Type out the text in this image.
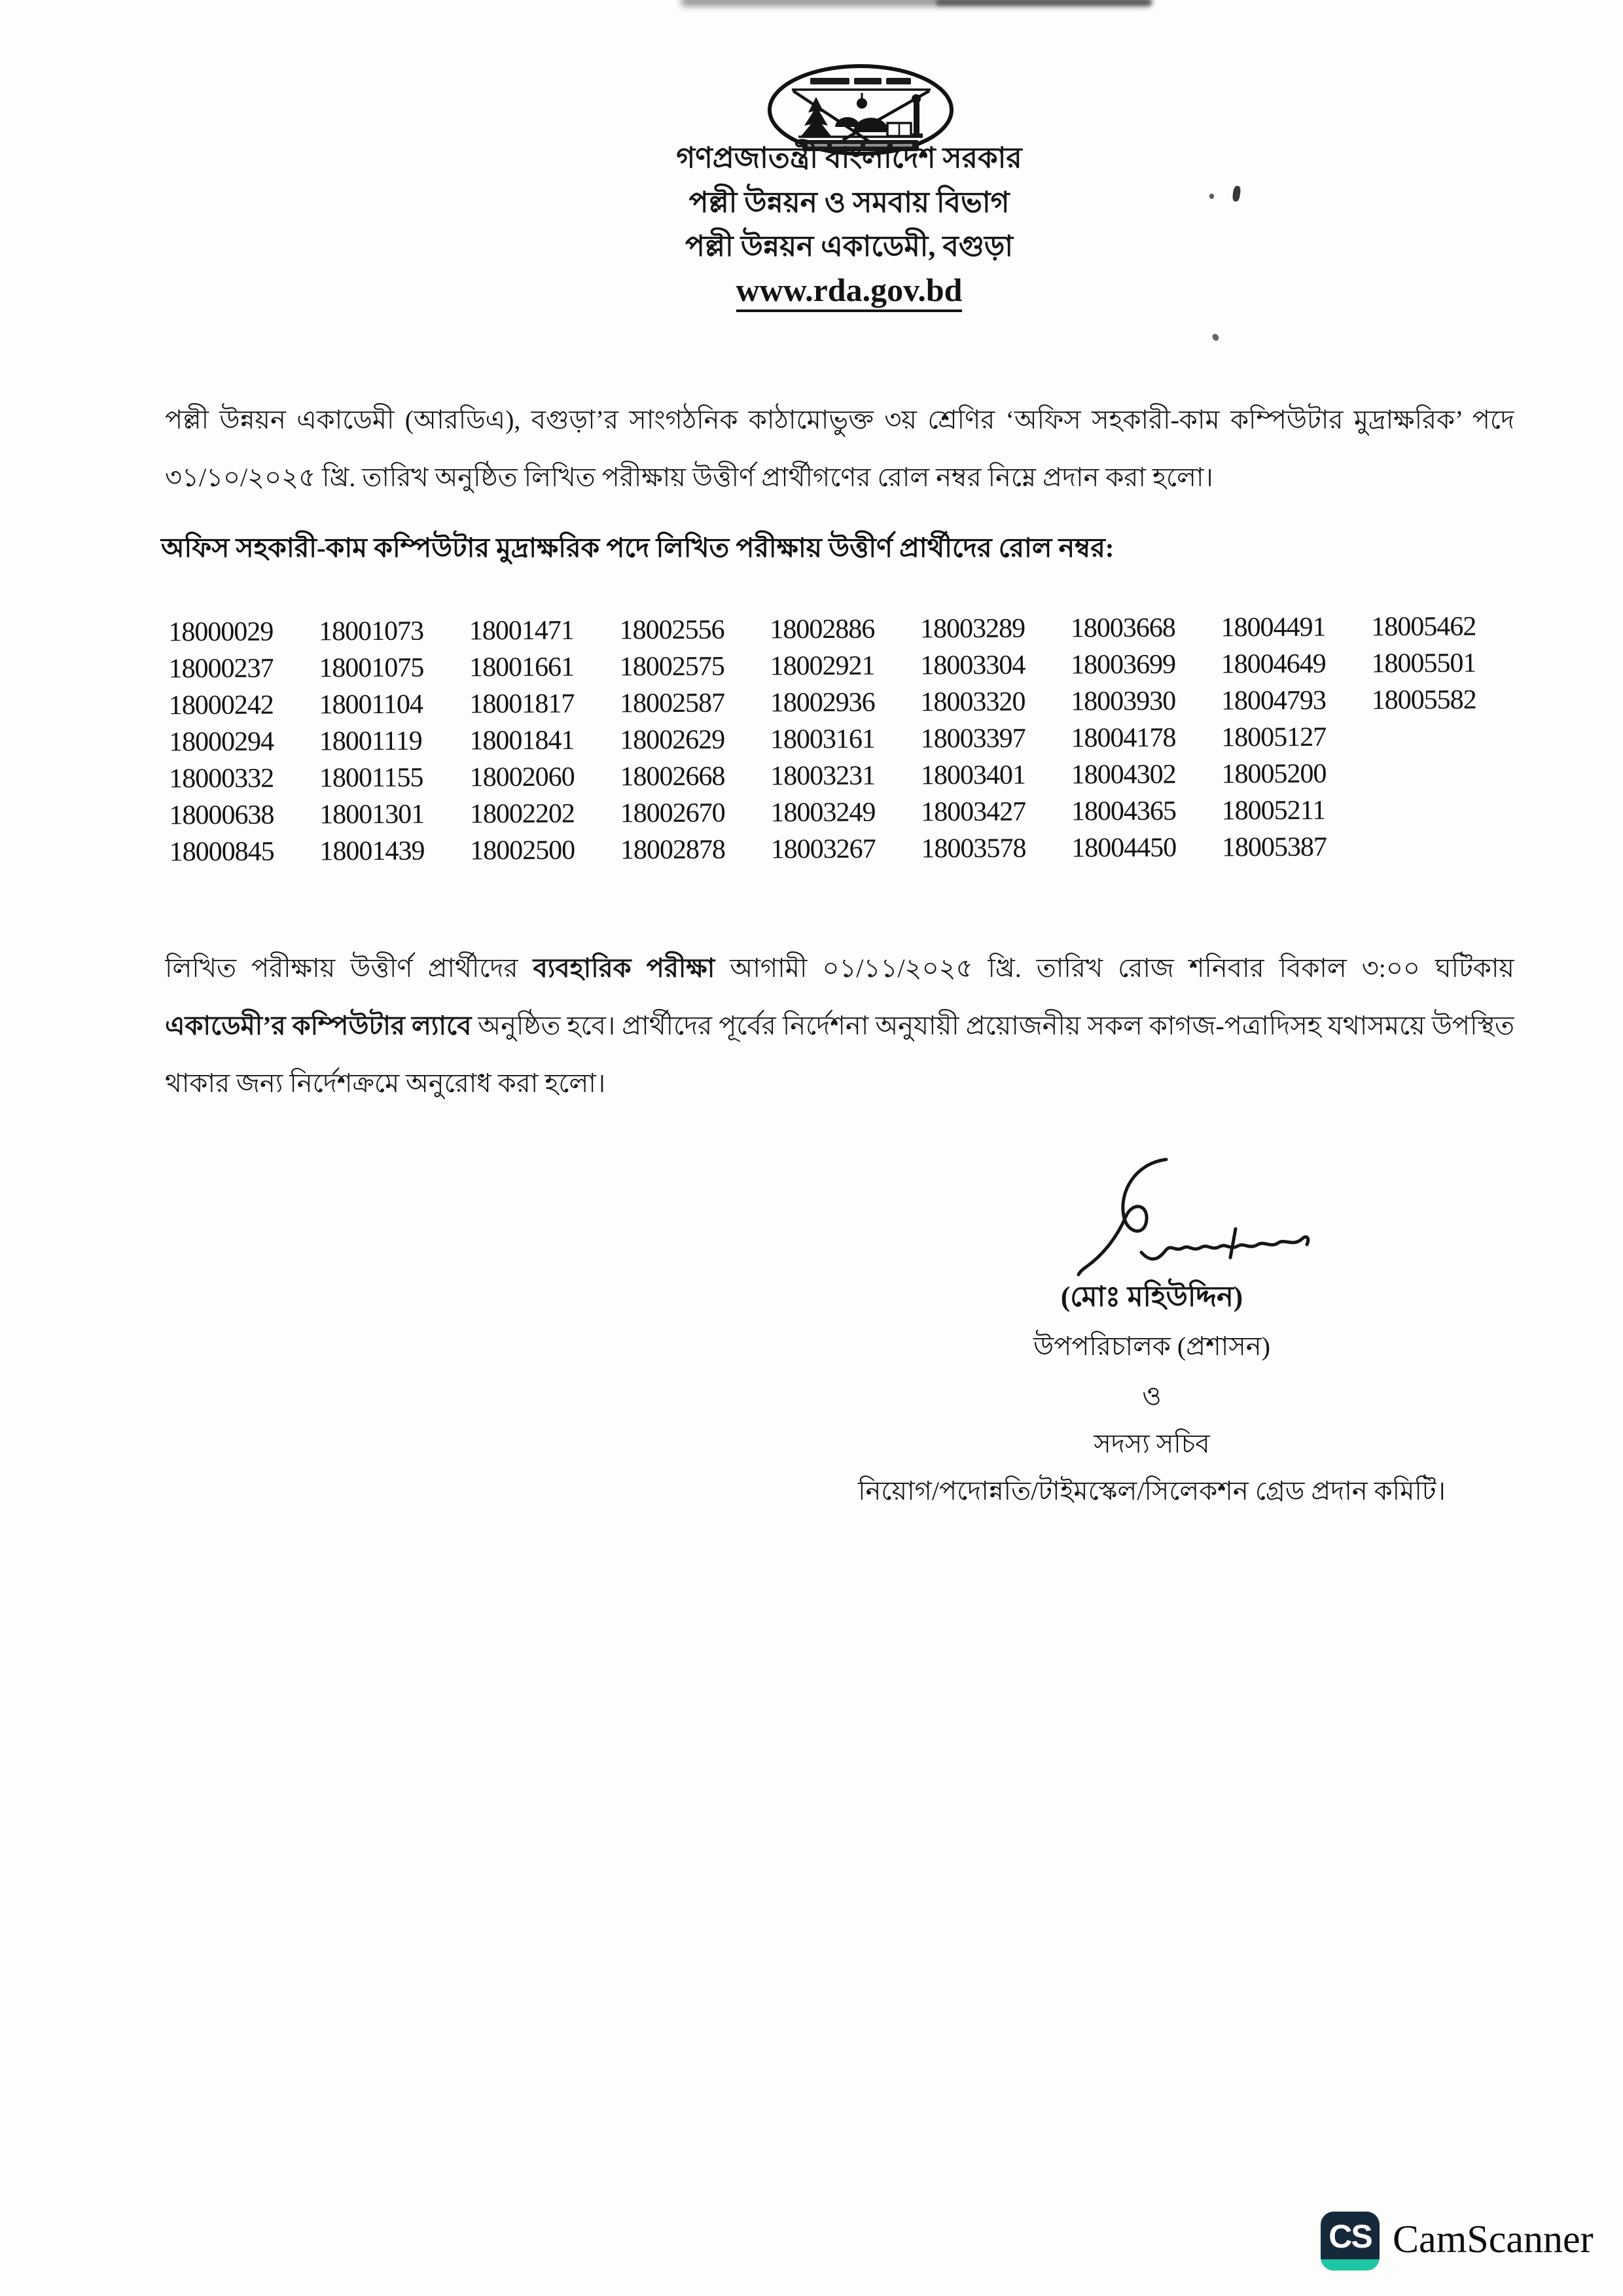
গণপ্রজাতন্ত্রী বাংলাদেশ সরকার
পল্লী উন্নয়ন ও সমবায় বিভাগ
পল্লী উন্নয়ন একাডেমী, বগুড়া
www.rda.gov.bd
পল্লী উন্নয়ন একাডেমী (আরডিএ), বগুড়া’র সাংগঠনিক কাঠামোভুক্ত ৩য় শ্রেণির ‘অফিস সহকারী-কাম কম্পিউটার মুদ্রাক্ষরিক’ পদে ৩১/১০/২০২৫ খ্রি. তারিখ অনুষ্ঠিত লিখিত পরীক্ষায় উত্তীর্ণ প্রার্থীগণের রোল নম্বর নিম্নে প্রদান করা হলো।
অফিস সহকারী-কাম কম্পিউটার মুদ্রাক্ষরিক পদে লিখিত পরীক্ষায় উত্তীর্ণ প্রার্থীদের রোল নম্বর:
18000029
18000237
18000242
18000294
18000332
18000638
18000845
18001073
18001075
18001104
18001119
18001155
18001301
18001439
18001471
18001661
18001817
18001841
18002060
18002202
18002500
18002556
18002575
18002587
18002629
18002668
18002670
18002878
18002886
18002921
18002936
18003161
18003231
18003249
18003267
18003289
18003304
18003320
18003397
18003401
18003427
18003578
18003668
18003699
18003930
18004178
18004302
18004365
18004450
18004491
18004649
18004793
18005127
18005200
18005211
18005387
18005462
18005501
18005582
লিখিত পরীক্ষায় উত্তীর্ণ প্রার্থীদের ব্যবহারিক পরীক্ষা আগামী ০১/১১/২০২৫ খ্রি. তারিখ রোজ শনিবার বিকাল ৩:০০ ঘটিকায় একাডেমী’র কম্পিউটার ল্যাবে অনুষ্ঠিত হবে। প্রার্থীদের পূর্বের নির্দেশনা অনুযায়ী প্রয়োজনীয় সকল কাগজ-পত্রাদিসহ যথাসময়ে উপস্থিত থাকার জন্য নির্দেশক্রমে অনুরোধ করা হলো।
(মোঃ মহিউদ্দিন)
উপপরিচালক (প্রশাসন)
ও
সদস্য সচিব
নিয়োগ/পদোন্নতি/টাইমস্কেল/সিলেকশন গ্রেড প্রদান কমিটি।
CS CamScanner
